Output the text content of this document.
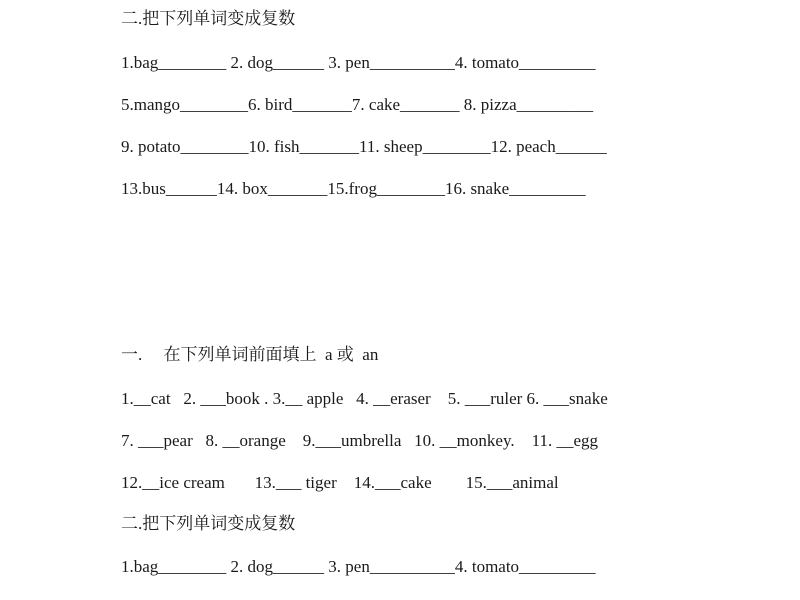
二.把下列单词变成复数
1.bag________ 2. dog______ 3. pen__________4. tomato_________
5.mango________6. bird_______7. cake_______ 8. pizza_________
9. potato________10. fish_______11. sheep________12. peach______
13.bus______14. box_______15.frog________16. snake_________
一.     在下列单词前面填上  a 或  an
1.__cat   2. ___book . 3.__ apple   4. __eraser    5. ___ruler 6. ___snake
7. ___pear   8. __orange    9.___umbrella   10. __monkey.    11. __egg
12.__ice cream       13.___ tiger    14.___cake        15.___animal
二.把下列单词变成复数
1.bag________ 2. dog______ 3. pen__________4. tomato_________
